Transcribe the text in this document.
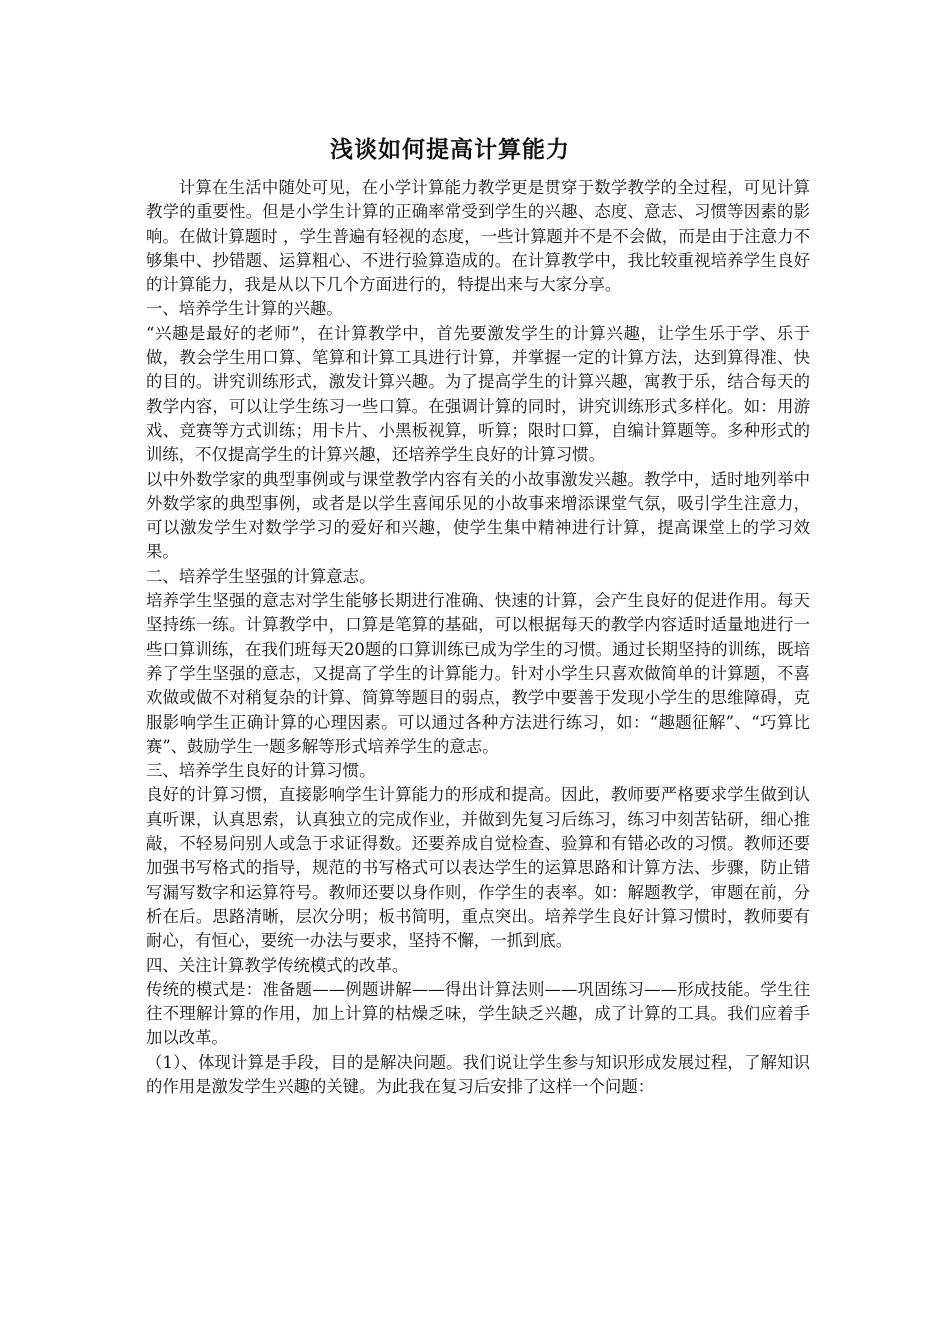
浅谈如何提高计算能力

计算在生活中随处可见，在小学计算能力教学更是贯穿于数学教学的全过程，可见计算教学的重要性。但是小学生计算的正确率常受到学生的兴趣、态度、意志、习惯等因素的影响。在做计算题时 ，学生普遍有轻视的态度，一些计算题并不是不会做，而是由于注意力不够集中、抄错题、运算粗心、不进行验算造成的。在计算教学中，我比较重视培养学生良好的计算能力，我是从以下几个方面进行的，特提出来与大家分享。

一、培养学生计算的兴趣。

“兴趣是最好的老师”，在计算教学中，首先要激发学生的计算兴趣，让学生乐于学、乐于做，教会学生用口算、笔算和计算工具进行计算，并掌握一定的计算方法，达到算得准、快的目的。讲究训练形式，激发计算兴趣。为了提高学生的计算兴趣，寓教于乐，结合每天的教学内容，可以让学生练习一些口算。在强调计算的同时，讲究训练形式多样化。如：用游戏、竞赛等方式训练；用卡片、小黑板视算，听算；限时口算，自编计算题等。多种形式的训练，不仅提高学生的计算兴趣，还培养学生良好的计算习惯。

以中外数学家的典型事例或与课堂教学内容有关的小故事激发兴趣。教学中，适时地列举中外数学家的典型事例，或者是以学生喜闻乐见的小故事来增添课堂气氛，吸引学生注意力，可以激发学生对数学学习的爱好和兴趣，使学生集中精神进行计算，提高课堂上的学习效果。

二、培养学生坚强的计算意志。

培养学生坚强的意志对学生能够长期进行准确、快速的计算，会产生良好的促进作用。每天坚持练一练。计算教学中，口算是笔算的基础，可以根据每天的教学内容适时适量地进行一些口算训练，在我们班每天20题的口算训练已成为学生的习惯。通过长期坚持的训练，既培养了学生坚强的意志，又提高了学生的计算能力。针对小学生只喜欢做简单的计算题，不喜欢做或做不对稍复杂的计算、简算等题目的弱点，教学中要善于发现小学生的思维障碍，克服影响学生正确计算的心理因素。可以通过各种方法进行练习，如：“趣题征解”、“巧算比赛”、鼓励学生一题多解等形式培养学生的意志。

三、培养学生良好的计算习惯。

良好的计算习惯，直接影响学生计算能力的形成和提高。因此，教师要严格要求学生做到认真听课，认真思索，认真独立的完成作业，并做到先复习后练习，练习中刻苦钻研，细心推敲，不轻易问别人或急于求证得数。还要养成自觉检查、验算和有错必改的习惯。教师还要加强书写格式的指导，规范的书写格式可以表达学生的运算思路和计算方法、步骤，防止错写漏写数字和运算符号。教师还要以身作则，作学生的表率。如：解题教学，审题在前，分析在后。思路清晰，层次分明；板书简明，重点突出。培养学生良好计算习惯时，教师要有耐心，有恒心，要统一办法与要求，坚持不懈，一抓到底。

四、关注计算教学传统模式的改革。

传统的模式是：准备题——例题讲解——得出计算法则——巩固练习——形成技能。学生往往不理解计算的作用，加上计算的枯燥乏味，学生缺乏兴趣，成了计算的工具。我们应着手加以改革。

（1）、体现计算是手段，目的是解决问题。我们说让学生参与知识形成发展过程，了解知识的作用是激发学生兴趣的关键。为此我在复习后安排了这样一个问题：
